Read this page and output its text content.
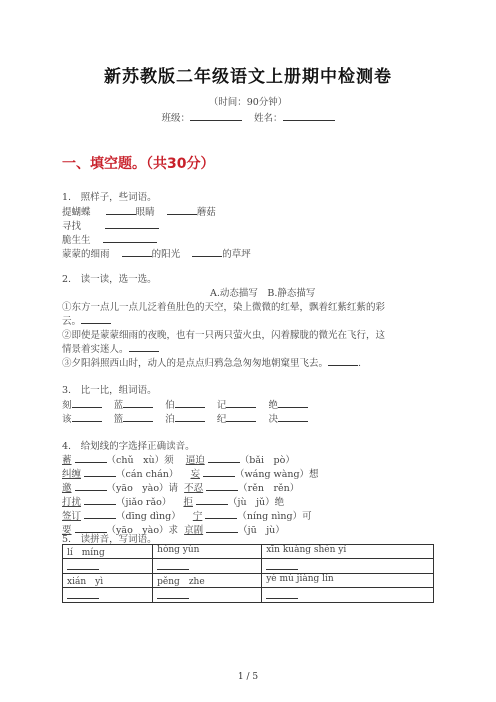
新苏教版二年级语文上册期中检测卷
（时间：90分钟）
班级：	姓名：
一、填空题。（共30分）
1.　照样子，些词语。
提蝴蝶	眼睛	蘑菇
寻找
脆生生
蒙蒙的细雨	的阳光	的草坪
2.　读一读，选一选。
A.动态描写　B.静态描写
①东方一点儿一点儿泛着鱼肚色的天空，染上微微的红晕，飘着红紫红紫的彩
云。
②即使是蒙蒙细雨的夜晚，也有一只两只萤火虫，闪着朦胧的微光在飞行，这
情景着实迷人。
③夕阳斜照西山时，动人的是点点归鸦急急匆匆地朝窠里飞去。	.
3.　比一比，组词语。
刻	蓝	伯	记	绝
该	篮	泊	纪	决
4.　给划线的字选择正确读音。
蓄	（chǔ　xù）须 逼迫	（bǎi　pò）
纠缠	（cán chán） 妄	（wáng wàng）想
邀	（yāo　yào）请 不忍	（rěn　rěn）
打扰	（jiǎo rǎo） 拒	（jù　jǔ）绝
签订	（dīng dìng） 宁	（níng nìng）可
要	（yāo　yào）求 京剧	（jū　jù）
5.　读拼音，写词语。
lí　míng	hóng yùn	xīn kuàng shén yí

xián　yì	pěng　zhe	yè mù jiàng lín

1 / 5
